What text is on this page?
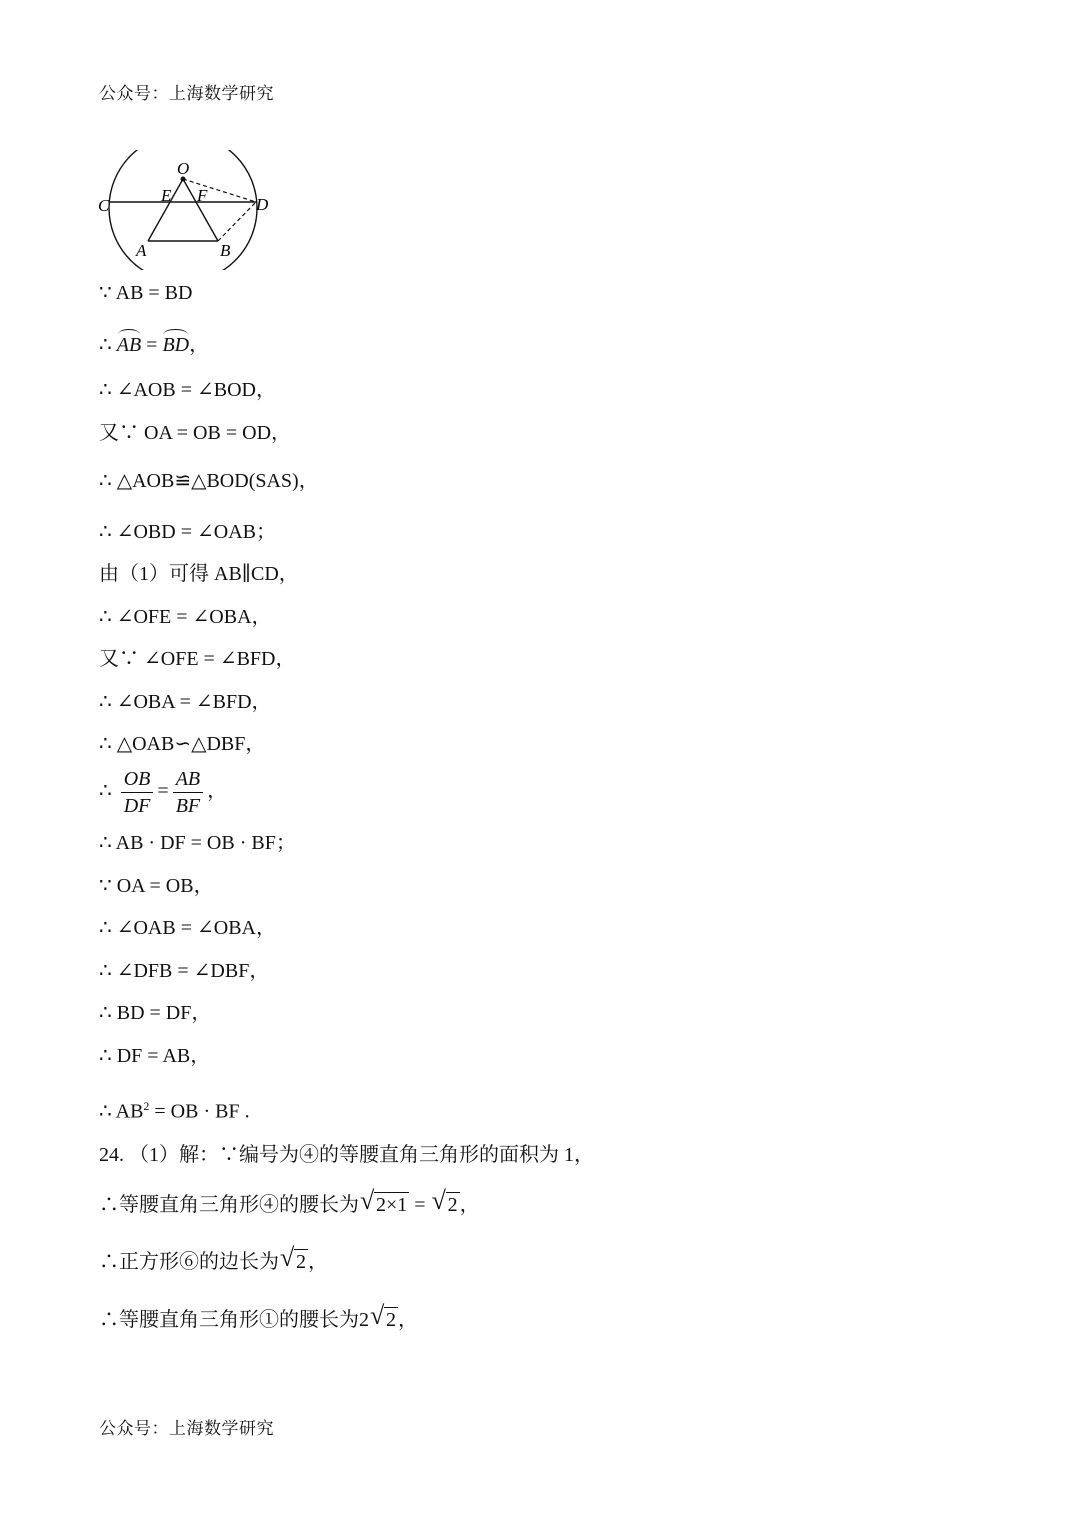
公众号：上海数学研究
O
C	D
E F
A	B
∵ AB = BD
∴ AB = BD，
∴ ∠AOB = ∠BOD，
又∵ OA = OB = OD，
∴ △AOB≌△BOD(SAS)，
∴ ∠OBD = ∠OAB；
由（1）可得 AB∥CD，
∴ ∠OFE = ∠OBA，
又∵ ∠OFE = ∠BFD，
∴ ∠OBA = ∠BFD，
∴ △OAB∽△DBF，
∴ $\frac{OB}{DF} = \frac{AB}{BF}$ ，
∴ AB · DF = OB · BF；
∵ OA = OB，
∴ ∠OAB = ∠OBA，
∴ ∠DFB = ∠DBF，
∴ BD = DF，
∴ DF = AB，
∴ $AB^2$ = OB · BF .
24. （1）解：∵编号为④的等腰直角三角形的面积为 1，
∴等腰直角三角形④的腰长为 √ 2×1 = √ 2 ，
∴正方形⑥的边长为 √ 2 ，
∴等腰直角三角形①的腰长为2 √ 2 ，
公众号：上海数学研究
